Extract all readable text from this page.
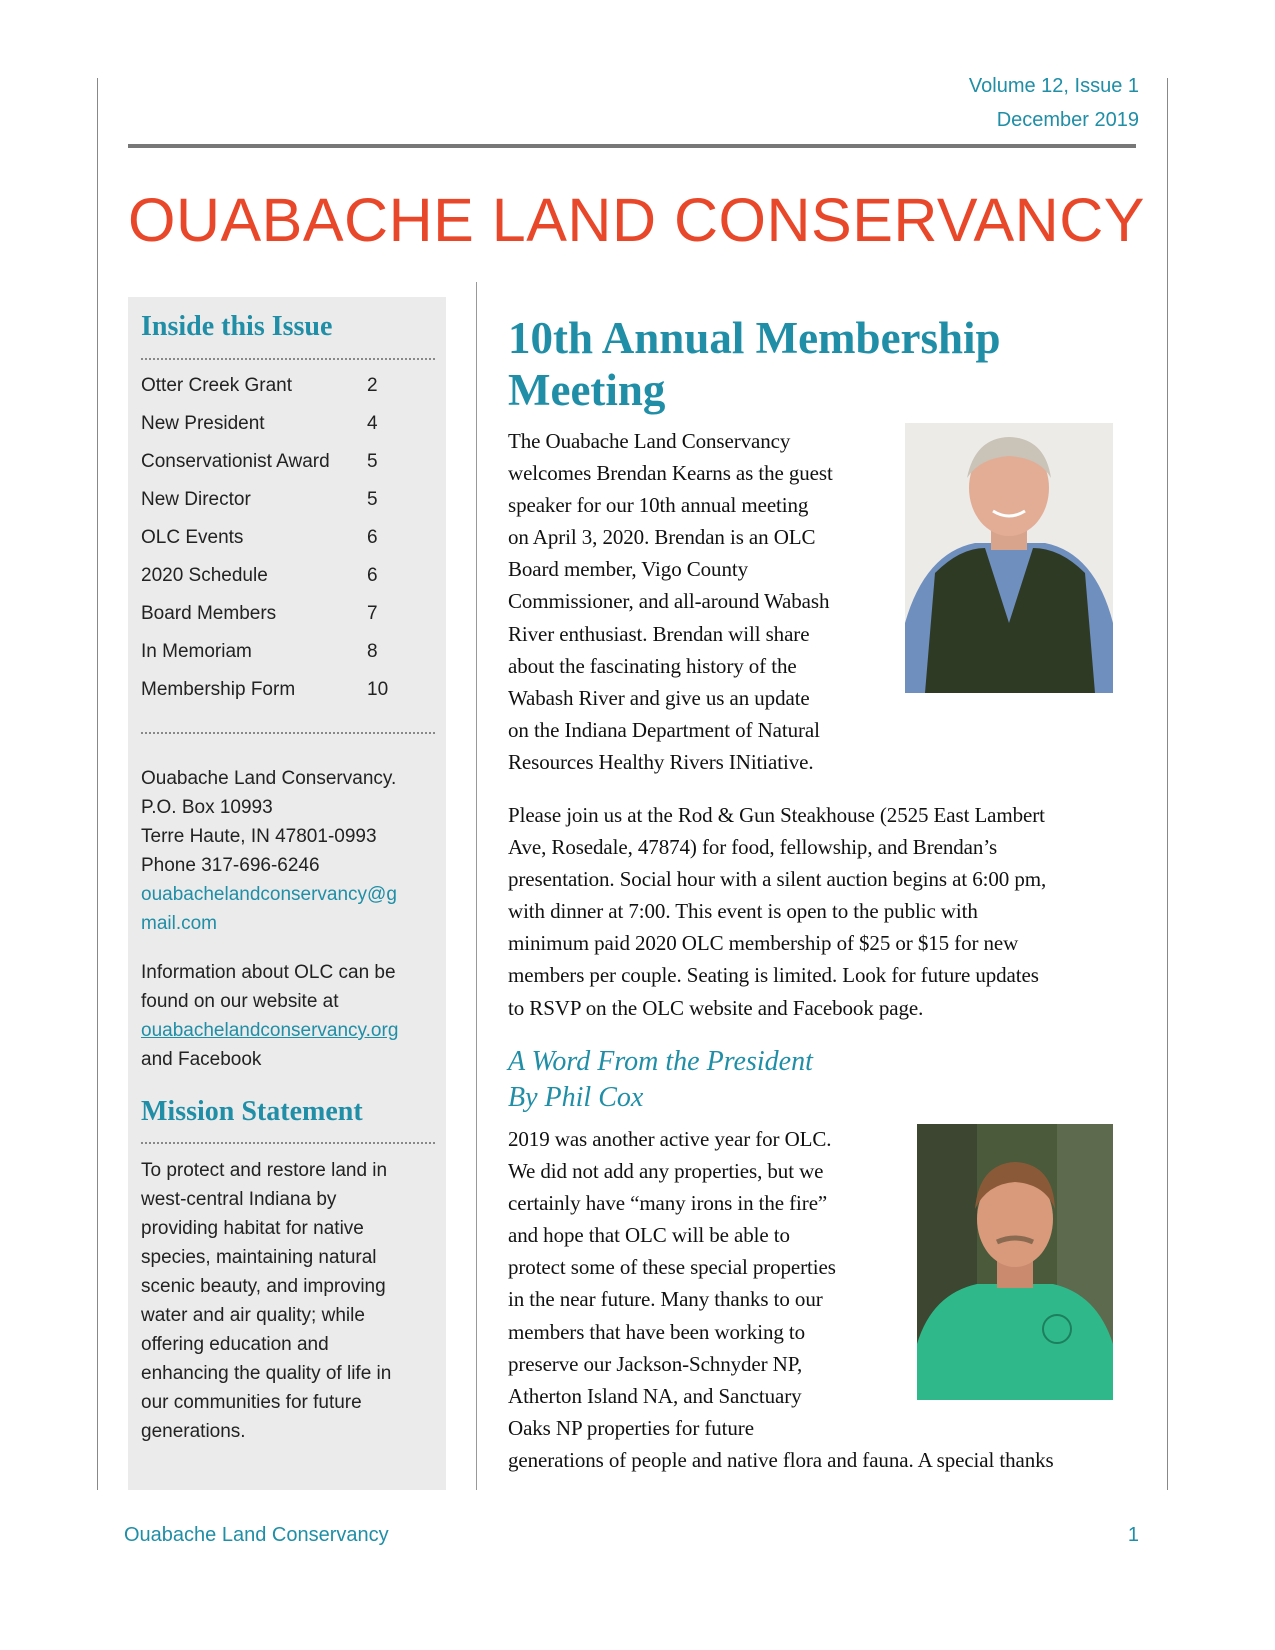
Volume 12, Issue 1
December 2019
OUABACHE LAND CONSERVANCY
Inside this Issue
Otter Creek Grant	2
New President	4
Conservationist Award 5
New Director	5
OLC Events	6
2020 Schedule	6
Board Members	7
In Memoriam	8
Membership Form	10
Ouabache Land Conservancy.
P.O. Box 10993
Terre Haute, IN 47801-0993
Phone 317-696-6246
ouabachelandconservancy@g
mail.com
Information about OLC can be
found on our website at
ouabachelandconservancy.org
and Facebook
Mission Statement
To protect and restore land in
west-central Indiana by
providing habitat for native
species, maintaining natural
scenic beauty, and improving
water and air quality; while
offering education and
enhancing the quality of life in
our communities for future
generations.
10th Annual Membership
Meeting
The Ouabache Land Conservancy
welcomes Brendan Kearns as the guest
speaker for our 10th annual meeting
on April 3, 2020. Brendan is an OLC
Board member, Vigo County
Commissioner, and all-around Wabash
River enthusiast. Brendan will share
about the fascinating history of the
Wabash River and give us an update
on the Indiana Department of Natural
Resources Healthy Rivers INitiative.
Please join us at the Rod & Gun Steakhouse (2525 East Lambert
Ave, Rosedale, 47874) for food, fellowship, and Brendan’s
presentation. Social hour with a silent auction begins at 6:00 pm,
with dinner at 7:00. This event is open to the public with
minimum paid 2020 OLC membership of $25 or $15 for new
members per couple. Seating is limited. Look for future updates
to RSVP on the OLC website and Facebook page.
A Word From the President
By Phil Cox
2019 was another active year for OLC.
We did not add any properties, but we
certainly have “many irons in the fire”
and hope that OLC will be able to
protect some of these special properties
in the near future. Many thanks to our
members that have been working to
preserve our Jackson-Schnyder NP,
Atherton Island NA, and Sanctuary
Oaks NP properties for future
generations of people and native flora and fauna. A special thanks
Ouabache Land Conservancy	1
